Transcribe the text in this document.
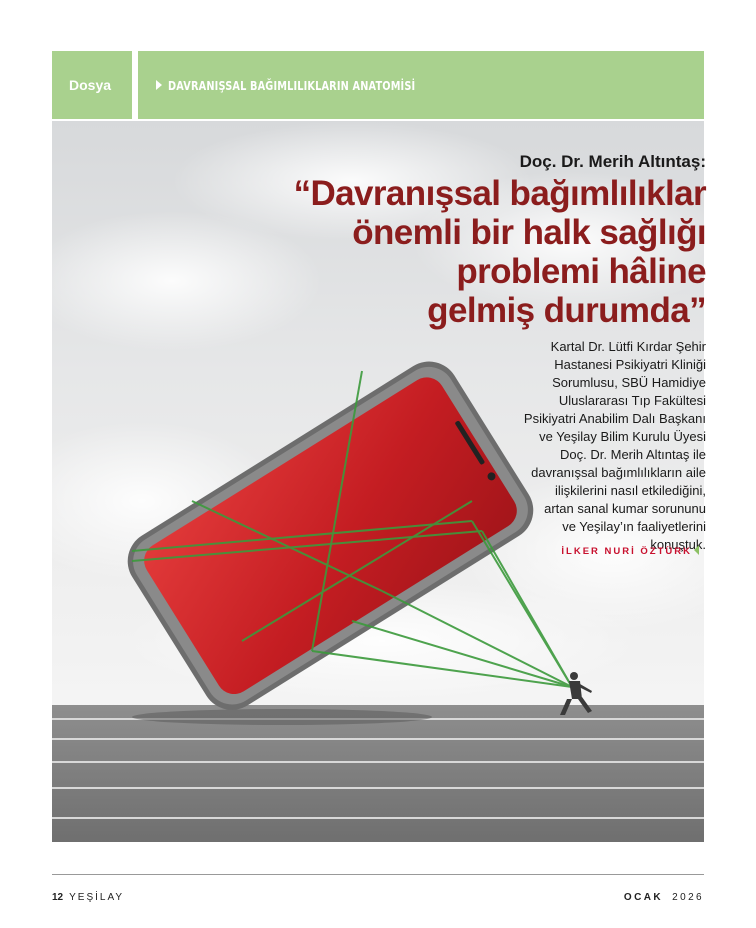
Dosya	DAVRANIŞSAL BAĞIMLILIKLARIN ANATOMİSİ
Doç. Dr. Merih Altıntaş:
“Davranışsal bağımlılıklar
önemli bir halk sağlığı
problemi hâline
gelmiş durumda”
Kartal Dr. Lütfi Kırdar Şehir
Hastanesi Psikiyatri Kliniği
Sorumlusu, SBÜ Hamidiye
Uluslararası Tıp Fakültesi
Psikiyatri Anabilim Dalı Başkanı
ve Yeşilay Bilim Kurulu Üyesi
Doç. Dr. Merih Altıntaş ile
davranışsal bağımlılıkların aile
ilişkilerini nasıl etkilediğini,
artan sanal kumar sorununu
ve Yeşilay’ın faaliyetlerini
konuştuk.
İLKER NURİ ÖZTÜRK
12 YEŞİLAY	OCAK 2026
